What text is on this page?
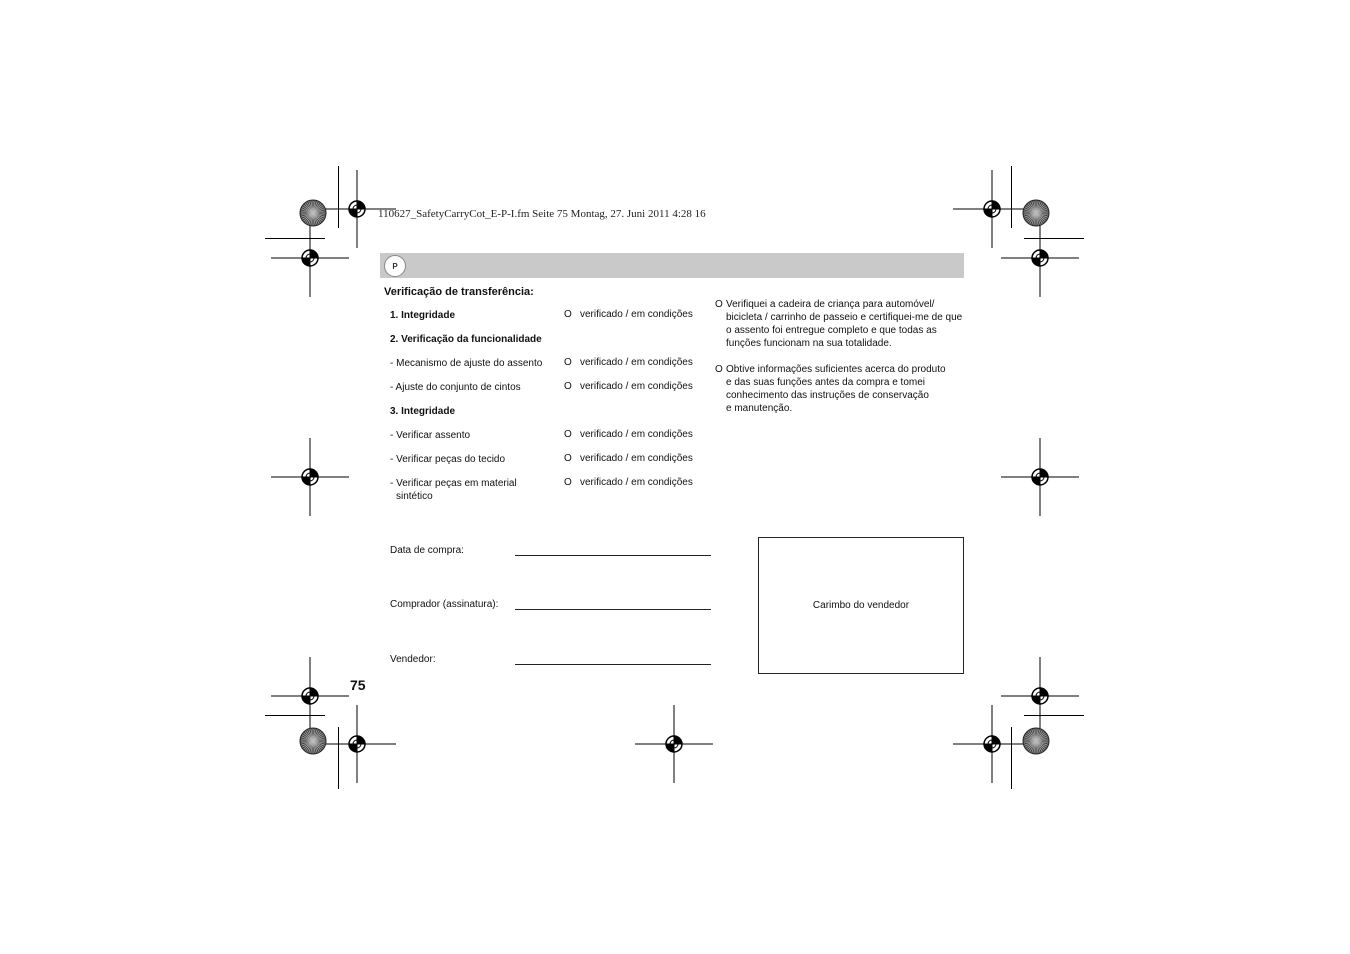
110627_SafetyCarryCot_E-P-I.fm Seite 75 Montag, 27. Juni 2011 4:28 16
P
Verificação de transferência:
1. Integridade	O verificado / em condições
2. Verificação da funcionalidade
- Mecanismo de ajuste do assento O verificado / em condições
- Ajuste do conjunto de cintos	O verificado / em condições
3. Integridade
- Verificar assento	O verificado / em condições
- Verificar peças do tecido	O verificado / em condições
- Verificar peças em material
sintético
O verificado / em condições
O Verifiquei a cadeira de criança para automóvel/
bicicleta / carrinho de passeio e certifiquei-me de que
o assento foi entregue completo e que todas as
funções funcionam na sua totalidade.
O Obtive informações suficientes acerca do produto
e das suas funções antes da compra e tomei
conhecimento das instruções de conservação
e manutenção.
Data de compra:
Comprador (assinatura):
Vendedor:
Carimbo do vendedor
75
